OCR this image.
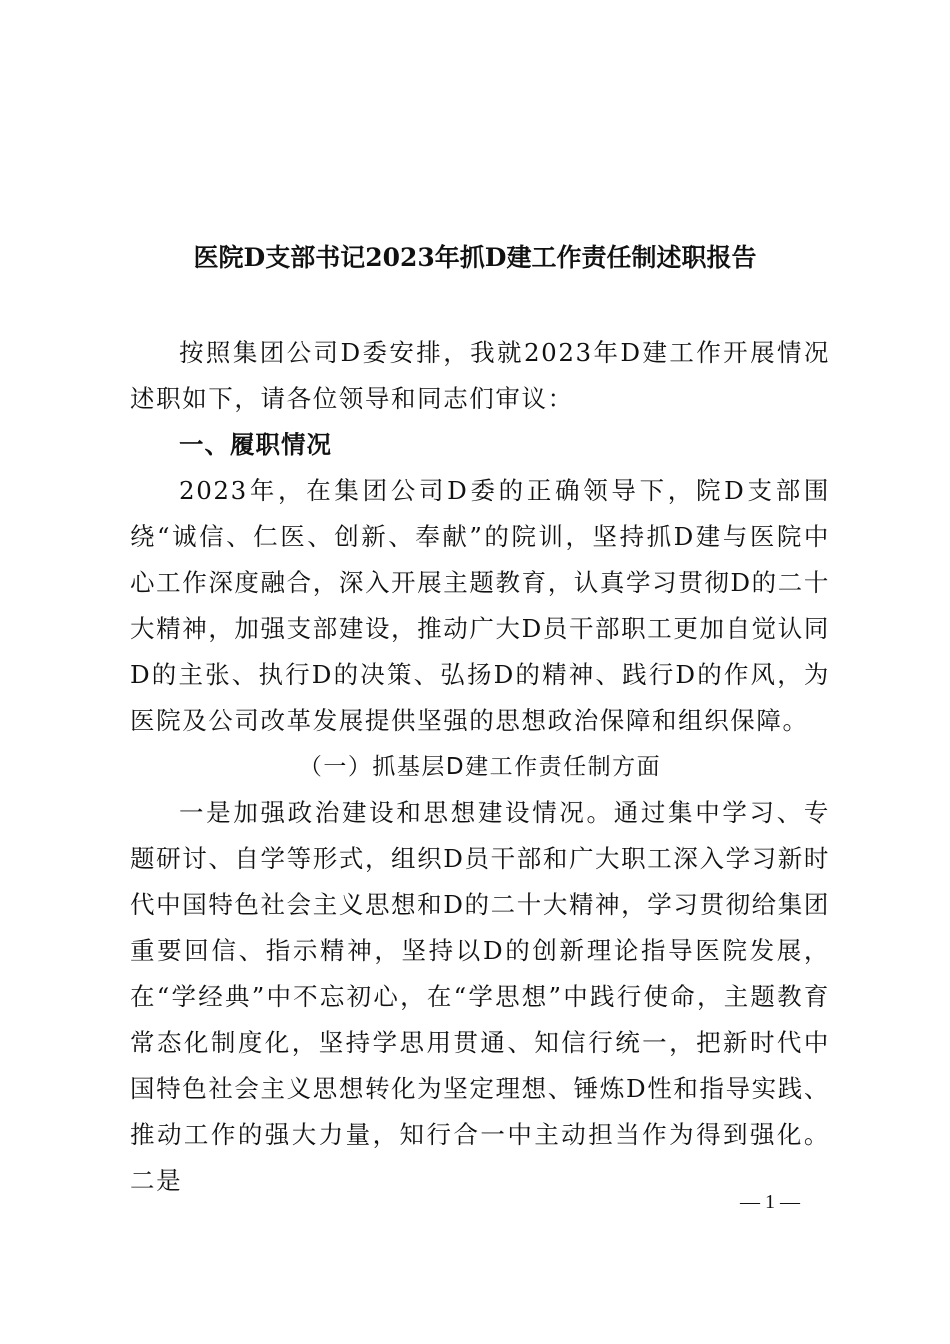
医院D支部书记2023年抓D建工作责任制述职报告

按照集团公司D委安排，我就2023年D建工作开展情况述职如下，请各位领导和同志们审议：

一、履职情况

2023年，在集团公司D委的正确领导下，院D支部围绕“诚信、仁医、创新、奉献”的院训，坚持抓D建与医院中心工作深度融合，深入开展主题教育，认真学习贯彻D的二十大精神，加强支部建设，推动广大D员干部职工更加自觉认同D的主张、执行D的决策、弘扬D的精神、践行D的作风，为医院及公司改革发展提供坚强的思想政治保障和组织保障。

（一）抓基层D建工作责任制方面

一是加强政治建设和思想建设情况。通过集中学习、专题研讨、自学等形式，组织D员干部和广大职工深入学习新时代中国特色社会主义思想和D的二十大精神，学习贯彻给集团重要回信、指示精神，坚持以D的创新理论指导医院发展，在“学经典”中不忘初心，在“学思想”中践行使命，主题教育常态化制度化，坚持学思用贯通、知信行统一，把新时代中国特色社会主义思想转化为坚定理想、锤炼D性和指导实践、推动工作的强大力量，知行合一中主动担当作为得到强化。二是

— 1 —
